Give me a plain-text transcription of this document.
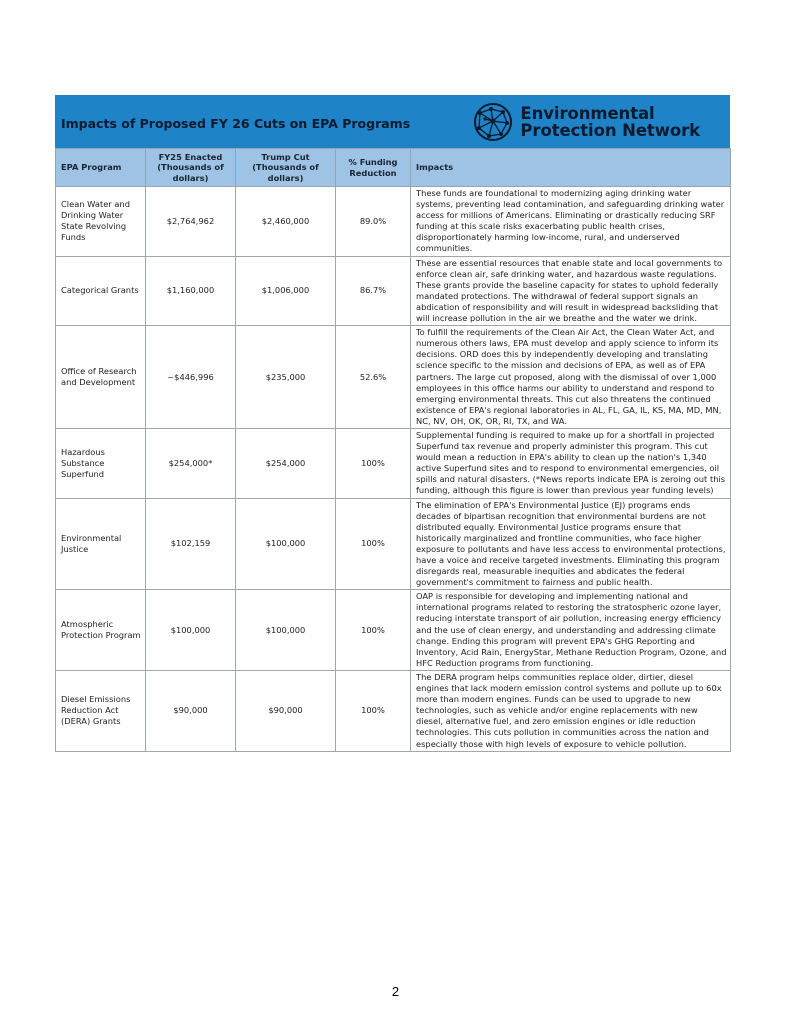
Impacts of Proposed FY 26 Cuts on EPA Programs
Environmental
Protection Network
EPA Program	FY25 Enacted (Thousands of dollars)	Trump Cut (Thousands of dollars)	% Funding Reduction	Impacts
Clean Water and Drinking Water State Revolving Funds	$2,764,962	$2,460,000	89.0%	These funds are foundational to modernizing aging drinking water systems, preventing lead contamination, and safeguarding drinking water access for millions of Americans. Eliminating or drastically reducing SRF funding at this scale risks exacerbating public health crises, disproportionately harming low-income, rural, and underserved communities.
Categorical Grants	$1,160,000	$1,006,000	86.7%	These are essential resources that enable state and local governments to enforce clean air, safe drinking water, and hazardous waste regulations. These grants provide the baseline capacity for states to uphold federally mandated protections. The withdrawal of federal support signals an abdication of responsibility and will result in widespread backsliding that will increase pollution in the air we breathe and the water we drink.
Office of Research and Development	~$446,996	$235,000	52.6%	To fulfill the requirements of the Clean Air Act, the Clean Water Act, and numerous others laws, EPA must develop and apply science to inform its decisions. ORD does this by independently developing and translating science specific to the mission and decisions of EPA, as well as of EPA partners. The large cut proposed, along with the dismissal of over 1,000 employees in this office harms our ability to understand and respond to emerging environmental threats. This cut also threatens the continued existence of EPA's regional laboratories in AL, FL, GA, IL, KS, MA, MD, MN, NC, NV, OH, OK, OR, RI, TX, and WA.
Hazardous Substance Superfund	$254,000*	$254,000	100%	Supplemental funding is required to make up for a shortfall in projected Superfund tax revenue and properly administer this program. This cut would mean a reduction in EPA's ability to clean up the nation's 1,340 active Superfund sites and to respond to environmental emergencies, oil spills and natural disasters. (*News reports indicate EPA is zeroing out this funding, although this figure is lower than previous year funding levels)
Environmental Justice	$102,159	$100,000	100%	The elimination of EPA's Environmental Justice (EJ) programs ends decades of bipartisan recognition that environmental burdens are not distributed equally. Environmental Justice programs ensure that historically marginalized and frontline communities, who face higher exposure to pollutants and have less access to environmental protections, have a voice and receive targeted investments. Eliminating this program disregards real, measurable inequities and abdicates the federal government's commitment to fairness and public health.
Atmospheric Protection Program	$100,000	$100,000	100%	OAP is responsible for developing and implementing national and international programs related to restoring the stratospheric ozone layer, reducing interstate transport of air pollution, increasing energy efficiency and the use of clean energy, and understanding and addressing climate change. Ending this program will prevent EPA's GHG Reporting and Inventory, Acid Rain, EnergyStar, Methane Reduction Program, Ozone, and HFC Reduction programs from functioning.
Diesel Emissions Reduction Act (DERA) Grants	$90,000	$90,000	100%	The DERA program helps communities replace older, dirtier, diesel engines that lack modern emission control systems and pollute up to 60x more than modern engines. Funds can be used to upgrade to new technologies, such as vehicle and/or engine replacements with new diesel, alternative fuel, and zero emission engines or idle reduction technologies. This cuts pollution in communities across the nation and especially those with high levels of exposure to vehicle pollution.
2
